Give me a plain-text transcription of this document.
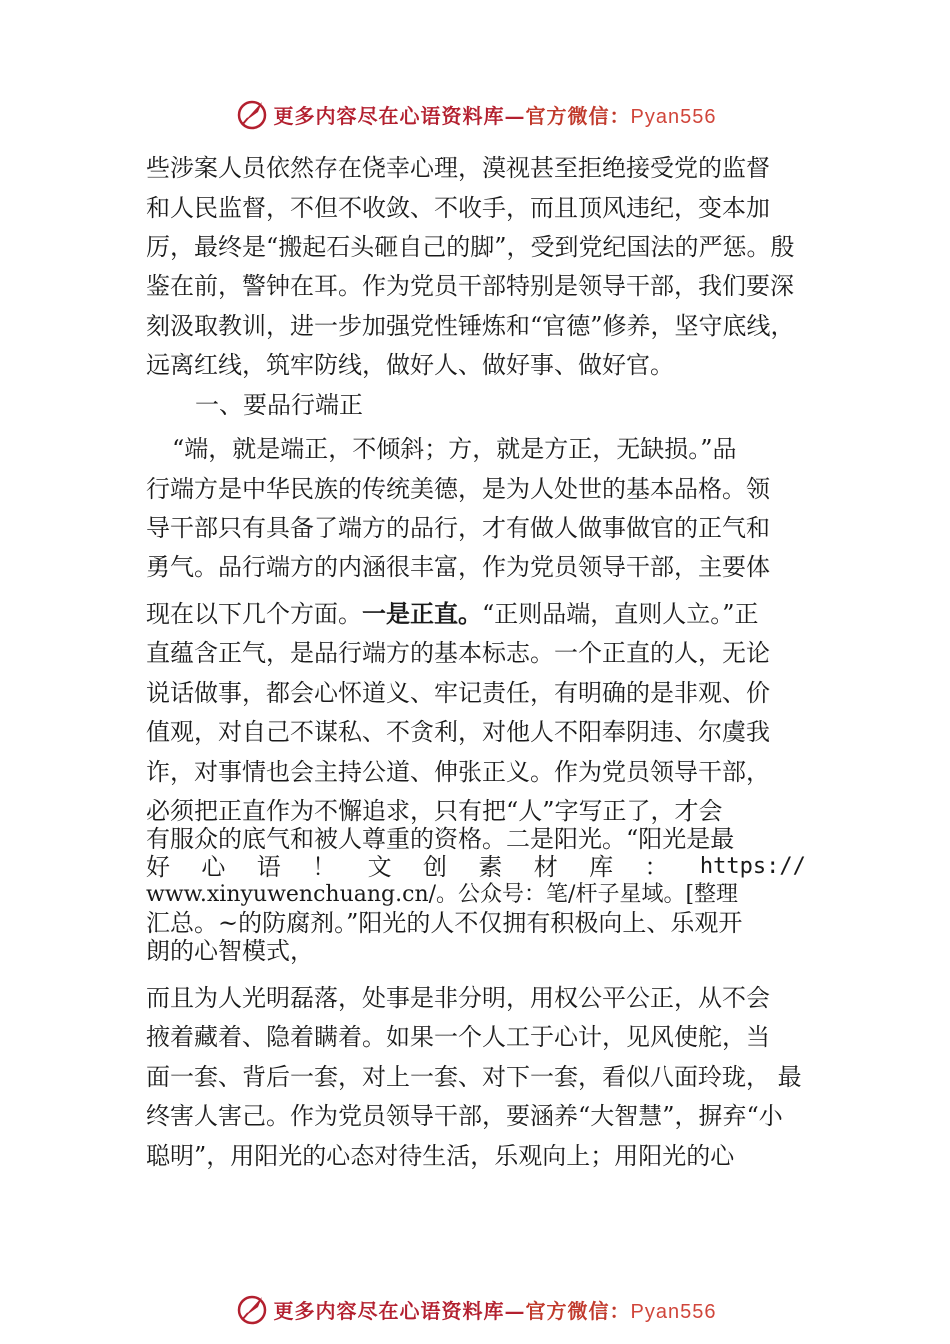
更多内容尽在心语资料库—官方微信：Pyan556
些涉案人员依然存在侥幸心理，漠视甚至拒绝接受党的监督
和人民监督，不但不收敛、不收手，而且顶风违纪，变本加
厉，最终是“搬起石头砸自己的脚”，受到党纪国法的严惩。殷
鉴在前，警钟在耳。作为党员干部特别是领导干部，我们要深
刻汲取教训，进一步加强党性锤炼和“官德”修养，坚守底线，
远离红线，筑牢防线，做好人、做好事、做好官。
一、要品行端正
“端，就是端正，不倾斜；方，就是方正，无缺损。”品
行端方是中华民族的传统美德，是为人处世的基本品格。领
导干部只有具备了端方的品行，才有做人做事做官的正气和
勇气。品行端方的内涵很丰富，作为党员领导干部，主要体
现在以下几个方面。一是正直。“正则品端，直则人立。”正
直蕴含正气，是品行端方的基本标志。一个正直的人，无论
说话做事，都会心怀道义、牢记责任，有明确的是非观、价
值观，对自己不谋私、不贪利，对他人不阳奉阴违、尔虞我
诈，对事情也会主持公道、伸张正义。作为党员领导干部，
必须把正直作为不懈追求，只有把“人”字写正了，才会
有服众的底气和被人尊重的资格。二是阳光。“阳光是最
好 心 语 ！ 文 创 素 材 库 ： https://
www.xinyuwenchuang.cn/。公众号：笔/杆子星域。[整理
汇总。~的防腐剂。”阳光的人不仅拥有积极向上、乐观开
朗的心智模式，
而且为人光明磊落，处事是非分明，用权公平公正，从不会
掖着藏着、隐着瞒着。如果一个人工于心计，见风使舵，当
面一套、背后一套，对上一套、对下一套，看似八面玲珑， 最
终害人害己。作为党员领导干部，要涵养“大智慧”，摒弃“小
聪明”，用阳光的心态对待生活，乐观向上；用阳光的心
更多内容尽在心语资料库—官方微信：Pyan556
